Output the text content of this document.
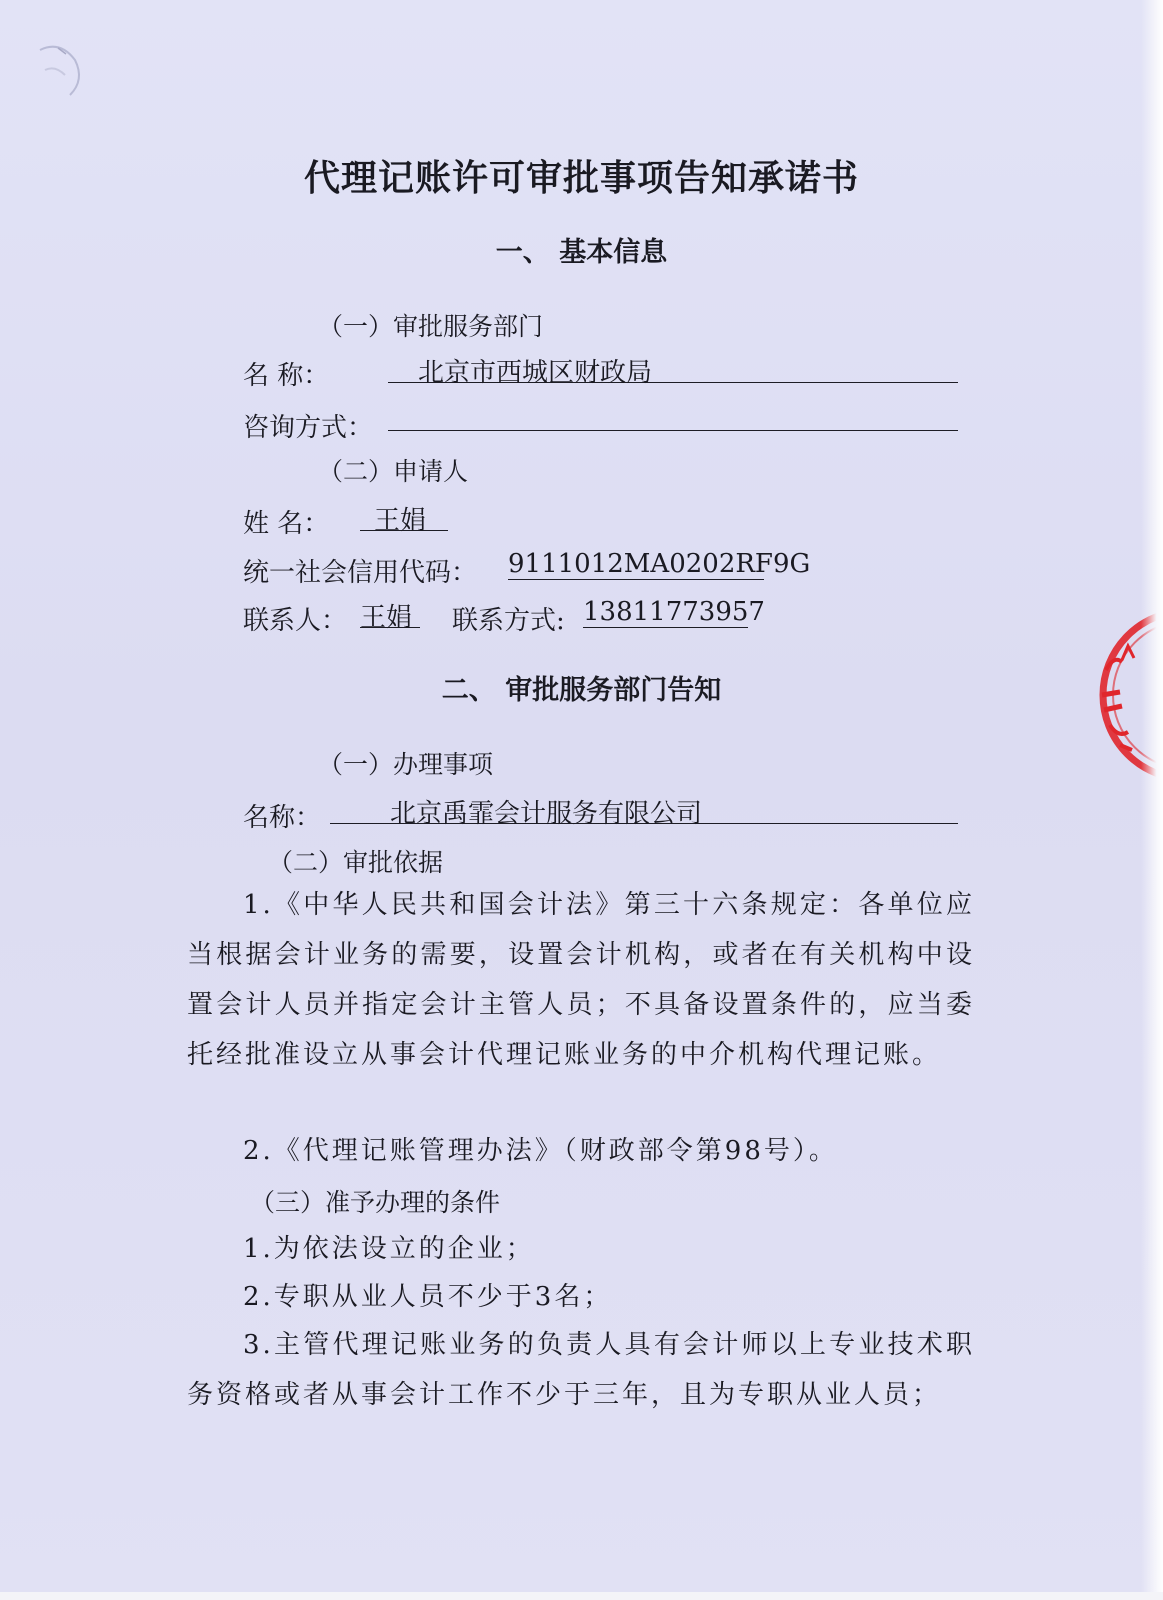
代理记账许可审批事项告知承诺书
一、 基本信息
（一）审批服务部门
名 称：	北京市西城区财政局
咨询方式：
（二）申请人
姓 名：	王娟
统一社会信用代码： 9111012MA0202RF9G
联系人： 王娟	联系方式: 13811773957
二、 审批服务部门告知
（一）办理事项
名称：	北京禹霏会计服务有限公司
（二）审批依据
1.《中华人民共和国会计法》第三十六条规定：各单位应当根据会计业务的需要，设置会计机构，或者在有关机构中设置会计人员并指定会计主管人员；不具备设置条件的，应当委托经批准设立从事会计代理记账业务的中介机构代理记账。
2.《代理记账管理办法》（财政部令第98号）。
（三）准予办理的条件
1.为依法设立的企业；
2.专职从业人员不少于3名；
3.主管代理记账业务的负责人具有会计师以上专业技术职务资格或者从事会计工作不少于三年，且为专职从业人员；
